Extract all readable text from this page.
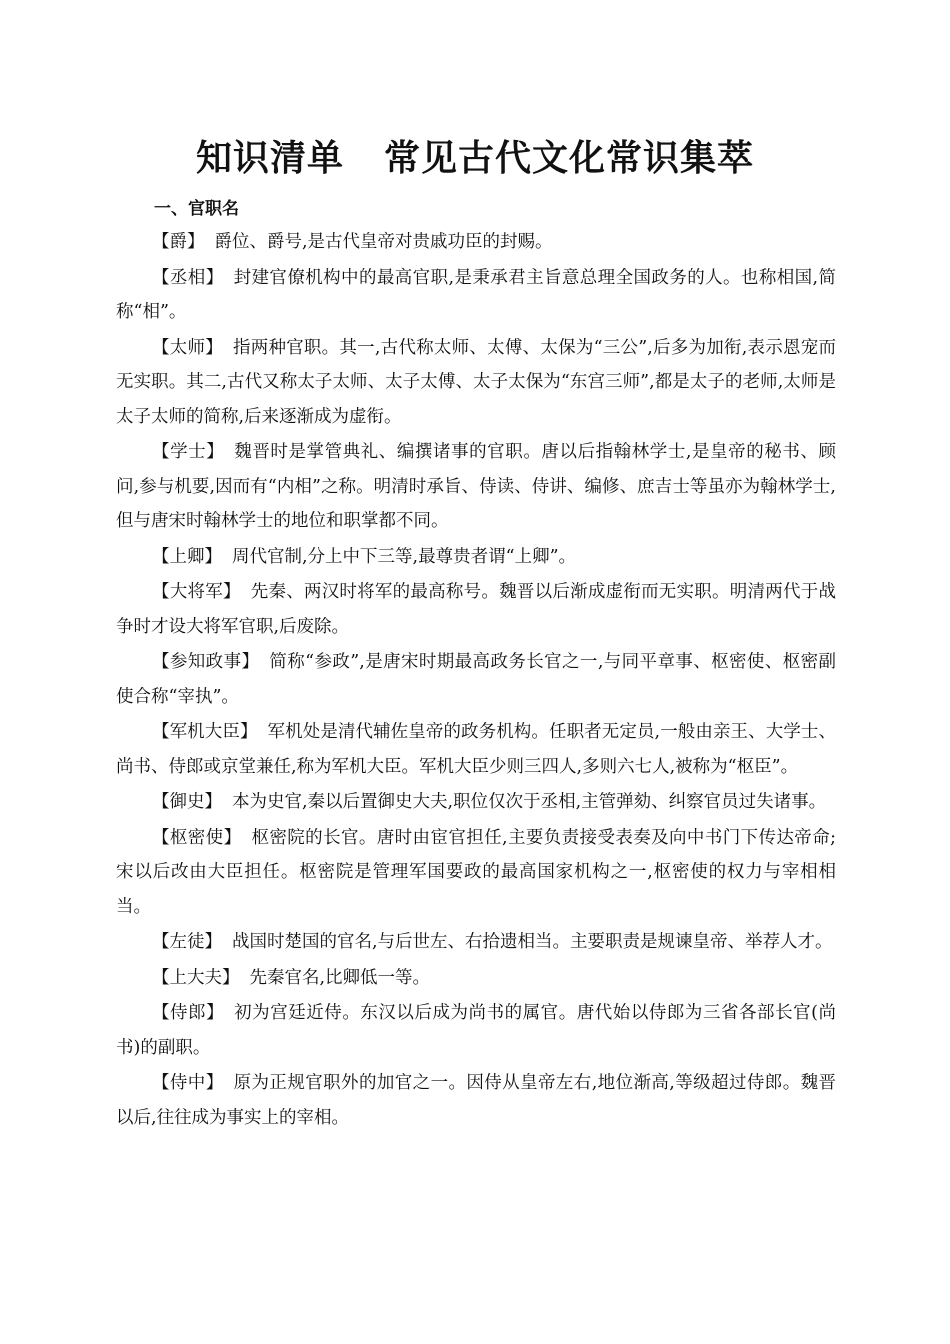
知识清单 常见古代文化常识集萃
一、官职名

【爵】 爵位、爵号,是古代皇帝对贵戚功臣的封赐。

【丞相】 封建官僚机构中的最高官职,是秉承君主旨意总理全国政务的人。也称相国,简称“相”。

【太师】 指两种官职。其一,古代称太师、太傅、太保为“三公”,后多为加衔,表示恩宠而无实职。其二,古代又称太子太师、太子太傅、太子太保为“东宫三师”,都是太子的老师,太师是太子太师的简称,后来逐渐成为虚衔。

【学士】 魏晋时是掌管典礼、编撰诸事的官职。唐以后指翰林学士,是皇帝的秘书、顾问,参与机要,因而有“内相”之称。明清时承旨、侍读、侍讲、编修、庶吉士等虽亦为翰林学士,但与唐宋时翰林学士的地位和职掌都不同。

【上卿】 周代官制,分上中下三等,最尊贵者谓“上卿”。

【大将军】 先秦、两汉时将军的最高称号。魏晋以后渐成虚衔而无实职。明清两代于战争时才设大将军官职,后废除。

【参知政事】 简称“参政”,是唐宋时期最高政务长官之一,与同平章事、枢密使、枢密副使合称“宰执”。

【军机大臣】 军机处是清代辅佐皇帝的政务机构。任职者无定员,一般由亲王、大学士、尚书、侍郎或京堂兼任,称为军机大臣。军机大臣少则三四人,多则六七人,被称为“枢臣”。

【御史】 本为史官,秦以后置御史大夫,职位仅次于丞相,主管弹劾、纠察官员过失诸事。

【枢密使】 枢密院的长官。唐时由宦官担任,主要负责接受表奏及向中书门下传达帝命;宋以后改由大臣担任。枢密院是管理军国要政的最高国家机构之一,枢密使的权力与宰相相当。

【左徒】 战国时楚国的官名,与后世左、右拾遗相当。主要职责是规谏皇帝、举荐人才。

【上大夫】 先秦官名,比卿低一等。

【侍郎】 初为宫廷近侍。东汉以后成为尚书的属官。唐代始以侍郎为三省各部长官(尚书)的副职。

【侍中】 原为正规官职外的加官之一。因侍从皇帝左右,地位渐高,等级超过侍郎。魏晋以后,往往成为事实上的宰相。
